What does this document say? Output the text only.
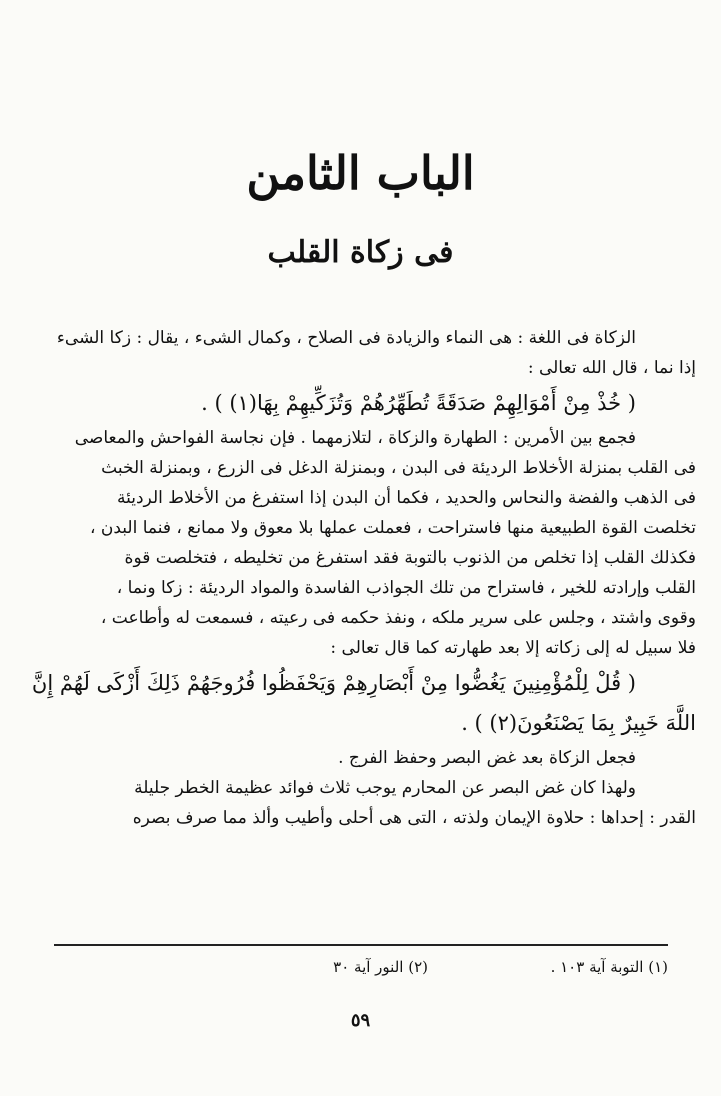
الباب الثامن
فى زكاة القلب
الزكاة فى اللغة : هى النماء والزيادة فى الصلاح ، وكمال الشىء ، يقال : زكا الشىء
إذا نما ، قال الله تعالى :
( خُذْ مِنْ أَمْوَالِهِمْ صَدَقَةً تُطَهِّرُهُمْ وَتُزَكِّيهِمْ بِهَا(١) ) .
فجمع بين الأمرين : الطهارة والزكاة ، لتلازمهما . فإن نجاسة الفواحش والمعاصى
فى القلب بمنزلة الأخلاط الرديئة فى البدن ، وبمنزلة الدغل فى الزرع ، وبمنزلة الخبث
فى الذهب والفضة والنحاس والحديد ، فكما أن البدن إذا استفرغ من الأخلاط الرديئة
تخلصت القوة الطبيعية منها فاستراحت ، فعملت عملها بلا معوق ولا ممانع ، فنما البدن ،
فكذلك القلب إذا تخلص من الذنوب بالتوبة فقد استفرغ من تخليطه ، فتخلصت قوة
القلب وإرادته للخير ، فاستراح من تلك الجواذب الفاسدة والمواد الرديئة : زكا ونما ،
وقوى واشتد ، وجلس على سرير ملكه ، ونفذ حكمه فى رعيته ، فسمعت له وأطاعت ،
فلا سبيل له إلى زكاته إلا بعد طهارته كما قال تعالى :
( قُلْ لِلْمُؤْمِنِينَ يَغُضُّوا مِنْ أَبْصَارِهِمْ وَيَحْفَظُوا فُرُوجَهُمْ ذَلِكَ أَزْكَى لَهُمْ إِنَّ
اللَّهَ خَبِيرٌ بِمَا يَصْنَعُونَ(٢) ) .
فجعل الزكاة بعد غض البصر وحفظ الفرج .
ولهذا كان غض البصر عن المحارم يوجب ثلاث فوائد عظيمة الخطر جليلة
القدر : إحداها : حلاوة الإيمان ولذته ، التى هى أحلى وأطيب وألذ مما صرف بصره
(١) التوبة آية ١٠٣ .
(٢) النور آية ٣٠
٥٩
